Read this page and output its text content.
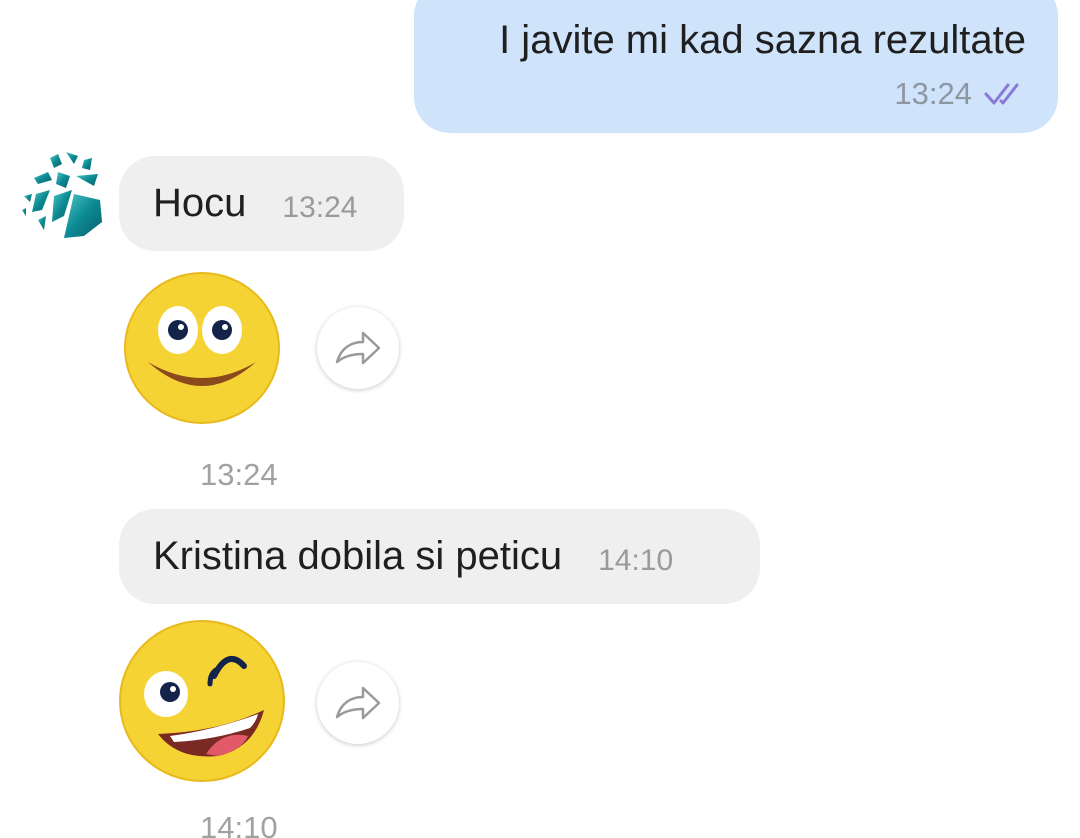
I javite mi kad sazna rezultate
13:24
Hocu 13:24
13:24
Kristina dobila si peticu 14:10
14:10
